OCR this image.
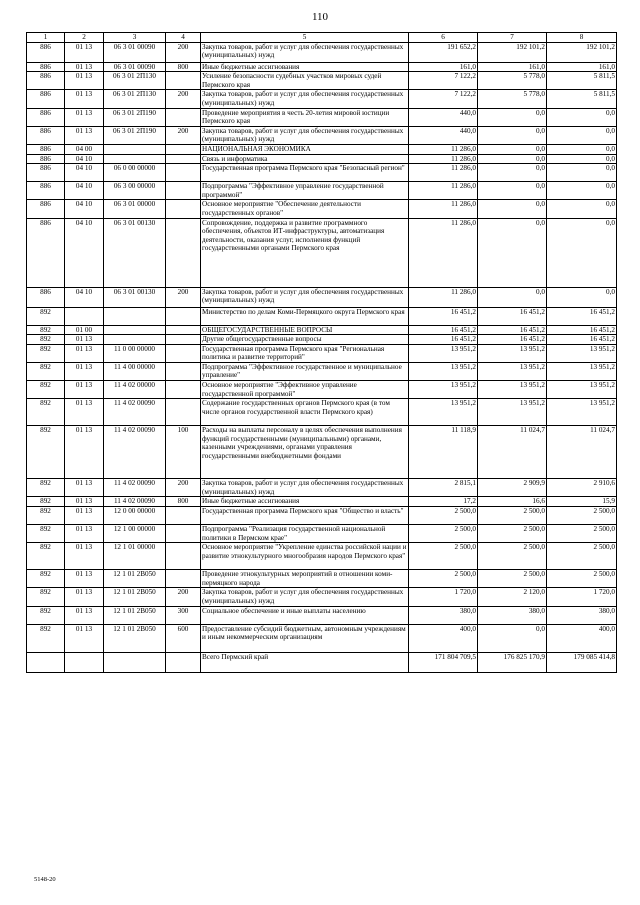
110
1	2	3	4	5	6	7	8
886	01 13	06 3 01 00090	200	Закупка товаров, работ и услуг для обеспечения государственных (муниципальных) нужд	191 652,2	192 101,2	192 101,2
886	01 13	06 3 01 00090	800	Иные бюджетные ассигнования	161,0	161,0	161,0
886	01 13	06 3 01 2П130		Усиление безопасности судебных участков мировых судей Пермского края	7 122,2	5 778,0	5 811,5
886	01 13	06 3 01 2П130	200	Закупка товаров, работ и услуг для обеспечения государственных (муниципальных) нужд	7 122,2	5 778,0	5 811,5
886	01 13	06 3 01 2П190		Проведение мероприятия в честь 20-летия мировой юстиции Пермского края	440,0	0,0	0,0
886	01 13	06 3 01 2П190	200	Закупка товаров, работ и услуг для обеспечения государственных (муниципальных) нужд	440,0	0,0	0,0
886	04 00			НАЦИОНАЛЬНАЯ ЭКОНОМИКА	11 286,0	0,0	0,0
886	04 10			Связь и информатика	11 286,0	0,0	0,0
886	04 10	06 0 00 00000		Государственная программа Пермского края "Безопасный регион"	11 286,0	0,0	0,0
886	04 10	06 3 00 00000		Подпрограмма "Эффективное управление государственной программой"	11 286,0	0,0	0,0
886	04 10	06 3 01 00000		Основное мероприятие "Обеспечение деятельности государственных органов"	11 286,0	0,0	0,0
886	04 10	06 3 01 00130		Сопровождение, поддержка и развитие программного обеспечения, объектов ИТ-инфраструктуры, автоматизация деятельности, оказания услуг, исполнения функций государственными органами Пермского края	11 286,0	0,0	0,0
886	04 10	06 3 01 00130	200	Закупка товаров, работ и услуг для обеспечения государственных (муниципальных) нужд	11 286,0	0,0	0,0
892				Министерство по делам Коми-Пермяцкого округа Пермского края	16 451,2	16 451,2	16 451,2
892	01 00			ОБЩЕГОСУДАРСТВЕННЫЕ ВОПРОСЫ	16 451,2	16 451,2	16 451,2
892	01 13			Другие общегосударственные вопросы	16 451,2	16 451,2	16 451,2
892	01 13	11 0 00 00000		Государственная программа Пермского края "Региональная политика и развитие территорий"	13 951,2	13 951,2	13 951,2
892	01 13	11 4 00 00000		Подпрограмма "Эффективное государственное и муниципальное управление"	13 951,2	13 951,2	13 951,2
892	01 13	11 4 02 00000		Основное мероприятие "Эффективное управление государственной программой"	13 951,2	13 951,2	13 951,2
892	01 13	11 4 02 00090		Содержание государственных органов Пермского края (в том числе органов государственной власти Пермского края)	13 951,2	13 951,2	13 951,2
892	01 13	11 4 02 00090	100	Расходы на выплаты персоналу в целях обеспечения выполнения функций государственными (муниципальными) органами, казенными учреждениями, органами управления государственными внебюджетными фондами	11 118,9	11 024,7	11 024,7
892	01 13	11 4 02 00090	200	Закупка товаров, работ и услуг для обеспечения государственных (муниципальных) нужд	2 815,1	2 909,9	2 910,6
892	01 13	11 4 02 00090	800	Иные бюджетные ассигнования	17,2	16,6	15,9
892	01 13	12 0 00 00000		Государственная программа Пермского края "Общество и власть"	2 500,0	2 500,0	2 500,0
892	01 13	12 1 00 00000		Подпрограмма "Реализация государственной национальной политики в Пермском крае"	2 500,0	2 500,0	2 500,0
892	01 13	12 1 01 00000		Основное мероприятие "Укрепление единства российской нации и развитие этнокультурного многообразия народов Пермского края"	2 500,0	2 500,0	2 500,0
892	01 13	12 1 01 2В050		Проведение этнокультурных мероприятий в отношении коми-пермяцкого народа	2 500,0	2 500,0	2 500,0
892	01 13	12 1 01 2В050	200	Закупка товаров, работ и услуг для обеспечения государственных (муниципальных) нужд	1 720,0	2 120,0	1 720,0
892	01 13	12 1 01 2В050	300	Социальное обеспечение и иные выплаты населению	380,0	380,0	380,0
892	01 13	12 1 01 2В050	600	Предоставление субсидий бюджетным, автономным учреждениям и иным некоммерческим организациям	400,0	0,0	400,0
				Всего Пермский край	171 804 709,5	176 825 170,9	179 085 414,8
5148-20
